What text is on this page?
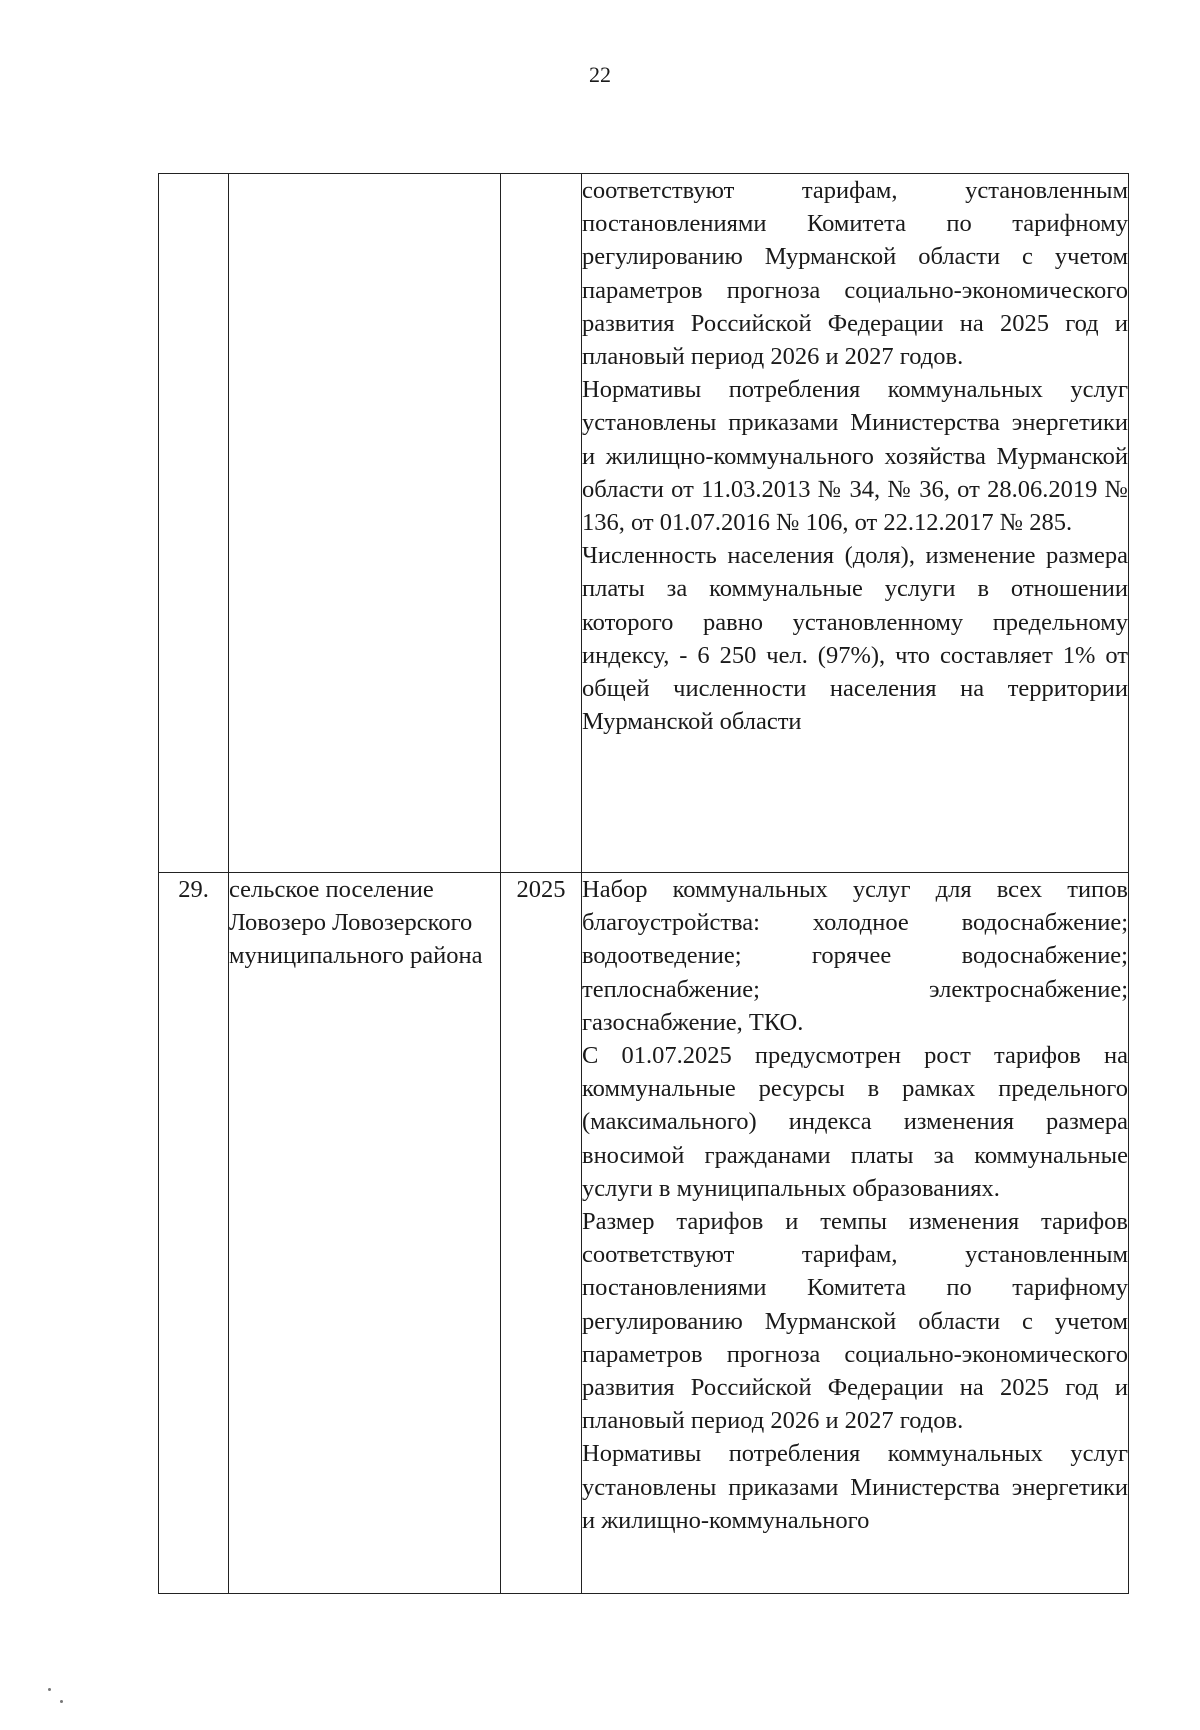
22

			соответствуют тарифам, установленным постановлениями Комитета по тарифному регулированию Мурманской области с учетом параметров прогноза социально-экономического развития Российской Федерации на 2025 год и плановый период 2026 и 2027 годов.

Нормативы потребления коммунальных услуг установлены приказами Министерства энергетики и жилищно-коммунального хозяйства Мурманской области от 11.03.2013 № 34, № 36, от 28.06.2019 № 136, от 01.07.2016 № 106, от 22.12.2017 № 285.

Численность населения (доля), изменение размера платы за коммунальные услуги в отношении которого равно установленному предельному индексу, - 6 250 чел. (97%), что составляет 1% от общей численности населения на территории Мурманской области

29.	сельское поселение Ловозеро Ловозерского муниципального района	2025	Набор коммунальных услуг для всех типов благоустройства: холодное водоснабжение; водоотведение; горячее водоснабжение; теплоснабжение; электроснабжение; газоснабжение, ТКО.

С 01.07.2025 предусмотрен рост тарифов на коммунальные ресурсы в рамках предельного (максимального) индекса изменения размера вносимой гражданами платы за коммунальные услуги в муниципальных образованиях.

Размер тарифов и темпы изменения тарифов соответствуют тарифам, установленным постановлениями Комитета по тарифному регулированию Мурманской области с учетом параметров прогноза социально-экономического развития Российской Федерации на 2025 год и плановый период 2026 и 2027 годов.

Нормативы потребления коммунальных услуг установлены приказами Министерства энергетики и жилищно-коммунального
